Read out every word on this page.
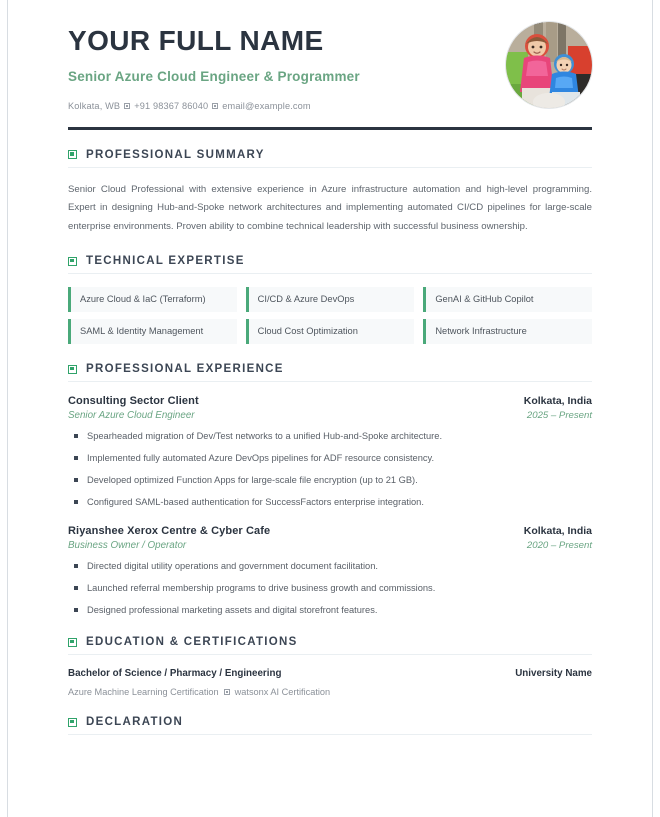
YOUR FULL NAME
Senior Azure Cloud Engineer & Programmer
Kolkata, WB +91 98367 86040 email@example.com
PROFESSIONAL SUMMARY

Senior Cloud Professional with extensive experience in Azure infrastructure automation and high-level programming. Expert in designing Hub-and-Spoke network architectures and implementing automated CI/CD pipelines for large-scale enterprise environments. Proven ability to combine technical leadership with successful business ownership.

TECHNICAL EXPERTISE
Azure Cloud & IaC (Terraform)	CI/CD & Azure DevOps	GenAI & GitHub Copilot
SAML & Identity Management	Cloud Cost Optimization	Network Infrastructure
PROFESSIONAL EXPERIENCE
Consulting Sector Client	Kolkata, India
Senior Azure Cloud Engineer	2025 – Present
Spearheaded migration of Dev/Test networks to a unified Hub-and-Spoke architecture.
Implemented fully automated Azure DevOps pipelines for ADF resource consistency.
Developed optimized Function Apps for large-scale file encryption (up to 21 GB).
Configured SAML-based authentication for SuccessFactors enterprise integration.
Riyanshee Xerox Centre & Cyber Cafe	Kolkata, India
Business Owner / Operator	2020 – Present
Directed digital utility operations and government document facilitation.
Launched referral membership programs to drive business growth and commissions.
Designed professional marketing assets and digital storefront features.
EDUCATION & CERTIFICATIONS
Bachelor of Science / Pharmacy / Engineering	University Name
Azure Machine Learning Certification watsonx AI Certification
DECLARATION
